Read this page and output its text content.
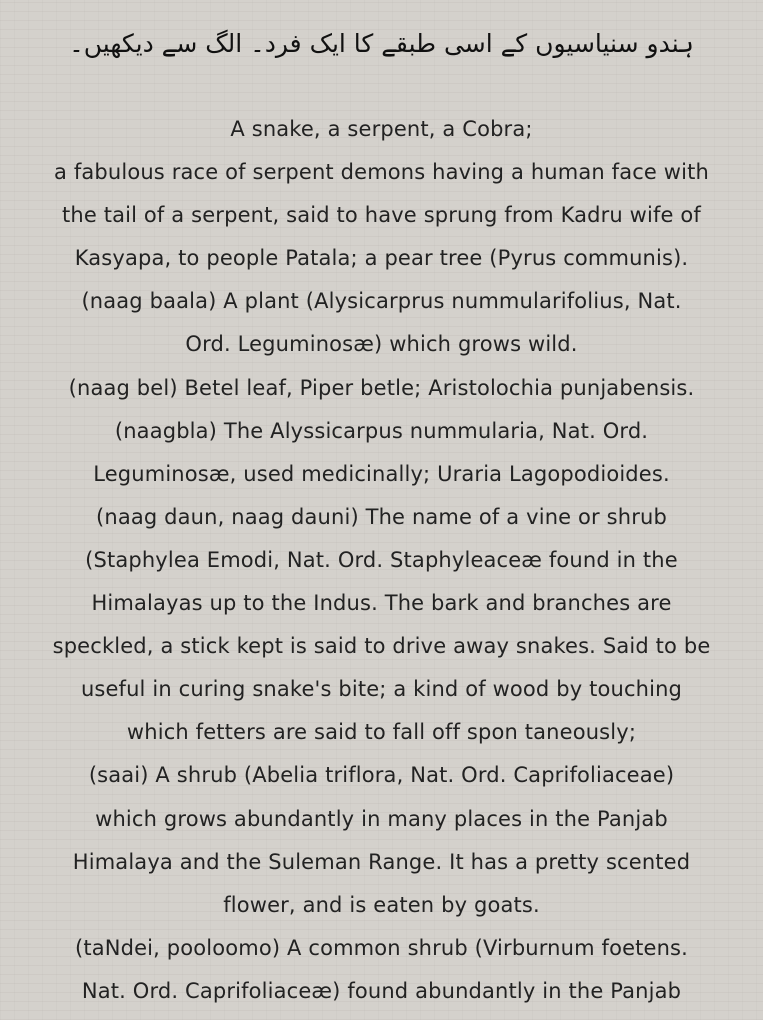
ہندو سنیاسیوں کے اسی طبقے کا ایک فرد۔ الگ سے دیکھیں۔
A snake, a serpent, a Cobra;
a fabulous race of serpent demons having a human face with
the tail of a serpent, said to have sprung from Kadru wife of
Kasyapa, to people Patala; a pear tree (Pyrus communis).
(naag baala) A plant (Alysicarprus nummularifolius, Nat.
Ord. Leguminosæ) which grows wild.
(naag bel) Betel leaf, Piper betle; Aristolochia punjabensis.
(naagbla) The Alyssicarpus nummularia, Nat. Ord.
Leguminosæ, used medicinally; Uraria Lagopodioides.
(naag daun, naag dauni) The name of a vine or shrub
(Staphylea Emodi, Nat. Ord. Staphyleaceæ found in the
Himalayas up to the Indus. The bark and branches are
speckled, a stick kept is said to drive away snakes. Said to be
useful in curing snake's bite; a kind of wood by touching
which fetters are said to fall off spon taneously;
(saai) A shrub (Abelia triflora, Nat. Ord. Caprifoliaceae)
which grows abundantly in many places in the Panjab
Himalaya and the Suleman Range. It has a pretty scented
flower, and is eaten by goats.
(taNdei, pooloomo) A common shrub (Virburnum foetens.
Nat. Ord. Caprifoliaceæ) found abundantly in the Panjab
